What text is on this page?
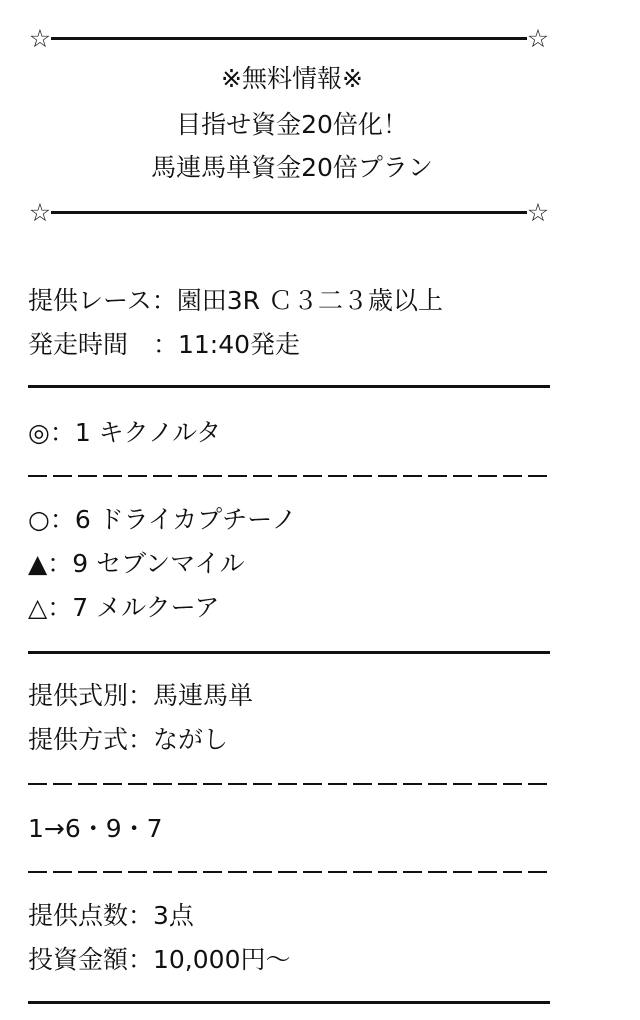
☆	☆
※無料情報※
目指せ資金20倍化！
馬連馬単資金20倍プラン
☆	☆
提供レース：園田3R Ｃ３二３歳以上
発走時間　：11:40発走
◎：1 キクノルタ
○：6 ドライカプチーノ
▲：9 セブンマイル
△：7 メルクーア
提供式別：馬連馬単
提供方式：ながし
1→6・9・7
提供点数：3点
投資金額：10,000円〜
